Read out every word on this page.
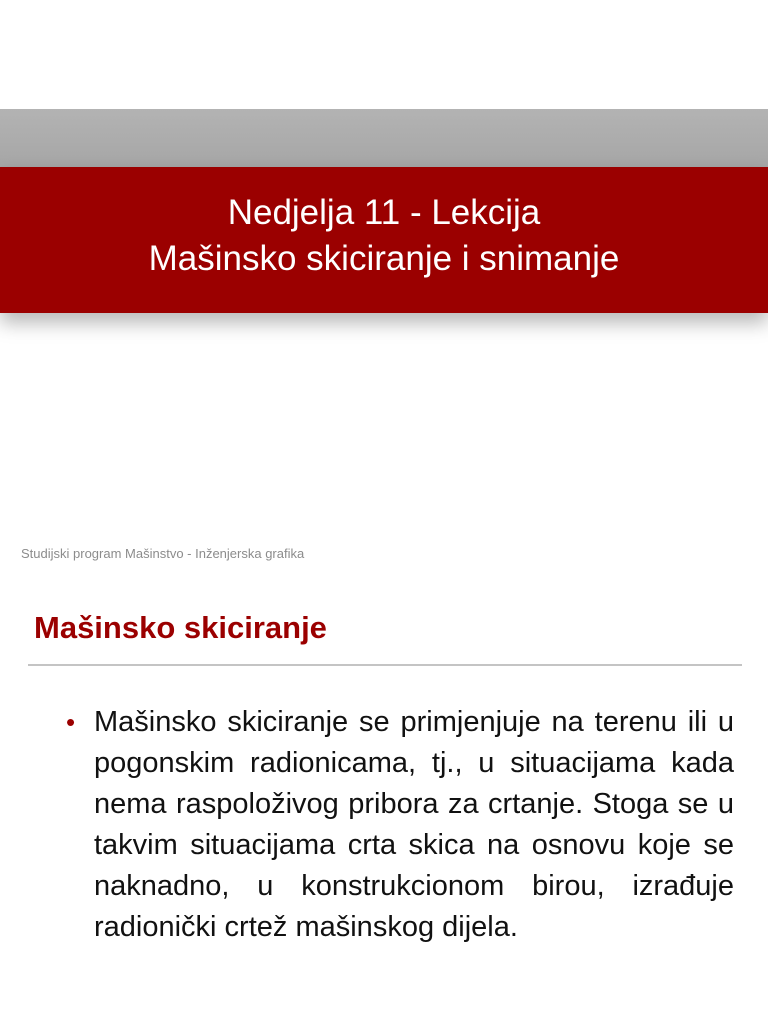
Nedjelja 11 - Lekcija
Mašinsko skiciranje i snimanje
Studijski program Mašinstvo - Inženjerska grafika
Mašinsko skiciranje
• Mašinsko skiciranje se primjenjuje na terenu ili u pogonskim radionicama, tj., u situacijama kada nema raspoloživog pribora za crtanje. Stoga se u takvim situacijama crta skica na osnovu koje se naknadno, u konstrukcionom birou, izrađuje radionički crtež mašinskog dijela.
